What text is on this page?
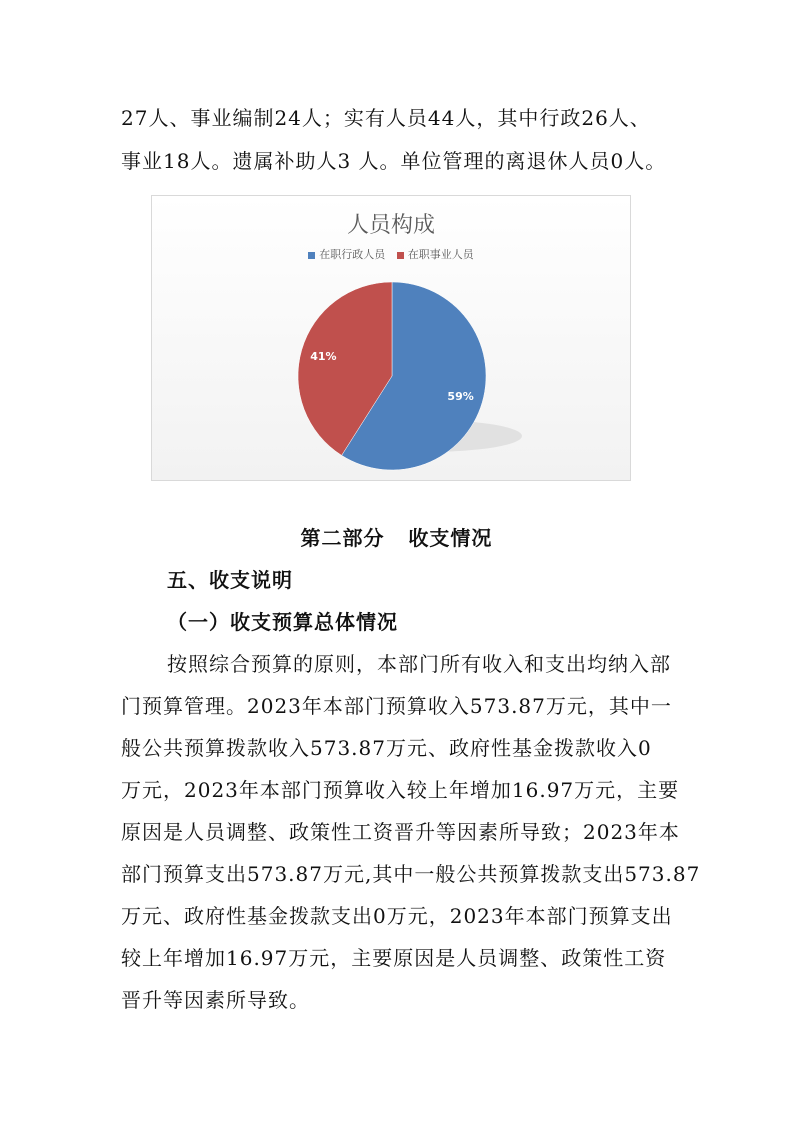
27人、事业编制24人；实有人员44人，其中行政26人、
事业18人。遗属补助人3 人。单位管理的离退休人员0人。
人员构成
在职行政人员 在职事业人员
59%
41%
第二部分   收支情况
五、收支说明
（一）收支预算总体情况
按照综合预算的原则，本部门所有收入和支出均纳入部
门预算管理。2023年本部门预算收入573.87万元，其中一
般公共预算拨款收入573.87万元、政府性基金拨款收入0
万元，2023年本部门预算收入较上年增加16.97万元，主要
原因是人员调整、政策性工资晋升等因素所导致；2023年本
部门预算支出573.87万元,其中一般公共预算拨款支出573.87
万元、政府性基金拨款支出0万元，2023年本部门预算支出
较上年增加16.97万元，主要原因是人员调整、政策性工资
晋升等因素所导致。
